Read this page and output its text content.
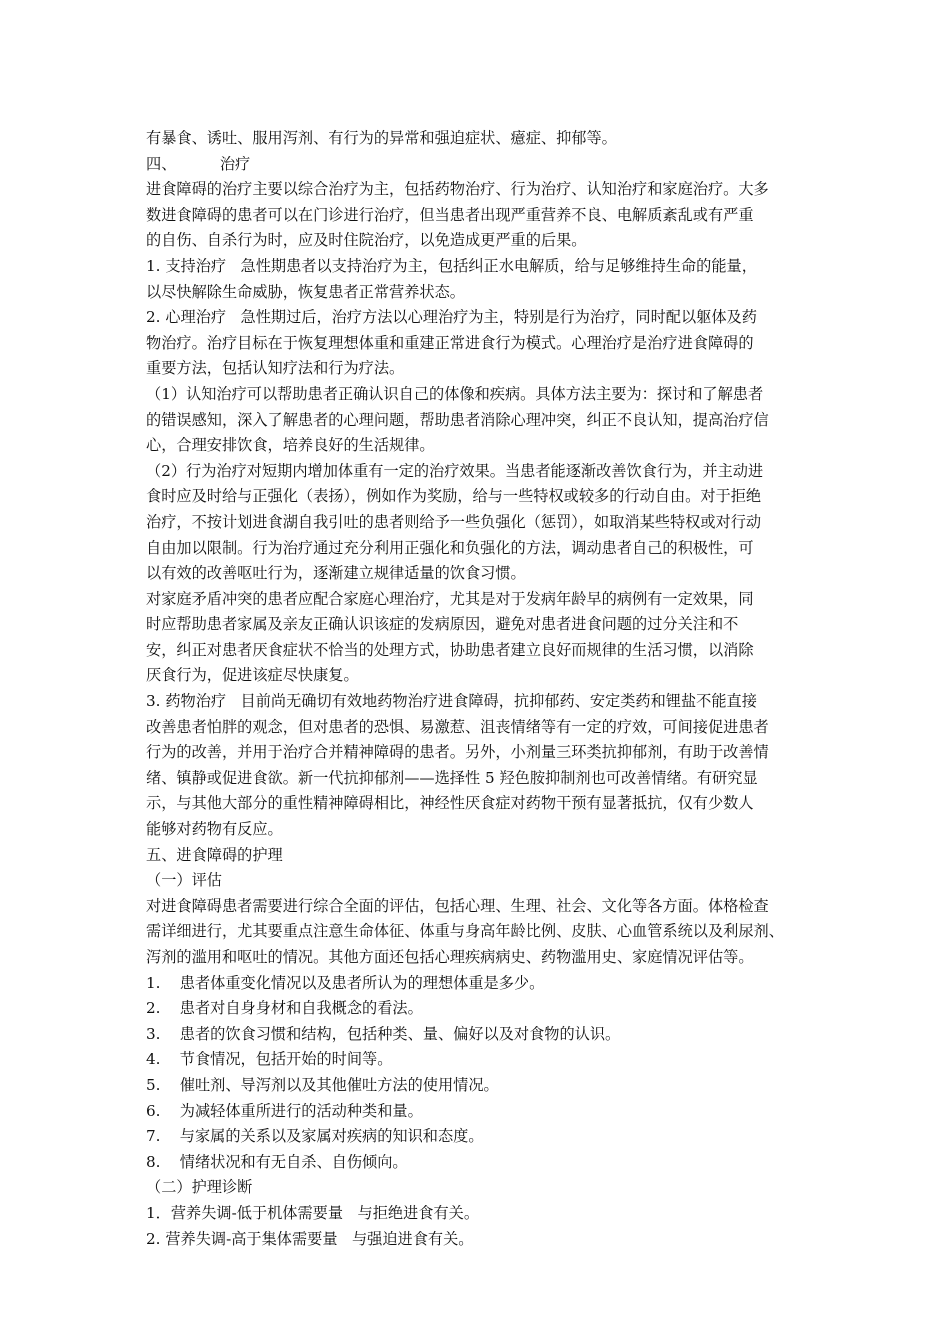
有暴食、诱吐、服用泻剂、有行为的异常和强迫症状、癔症、抑郁等。
四、         治疗
进食障碍的治疗主要以综合治疗为主，包括药物治疗、行为治疗、认知治疗和家庭治疗。大多
数进食障碍的患者可以在门诊进行治疗，但当患者出现严重营养不良、电解质紊乱或有严重
的自伤、自杀行为时，应及时住院治疗，以免造成更严重的后果。
1. 支持治疗   急性期患者以支持治疗为主，包括纠正水电解质，给与足够维持生命的能量，
以尽快解除生命威胁，恢复患者正常营养状态。
2. 心理治疗   急性期过后，治疗方法以心理治疗为主，特别是行为治疗，同时配以躯体及药
物治疗。治疗目标在于恢复理想体重和重建正常进食行为模式。心理治疗是治疗进食障碍的
重要方法，包括认知疗法和行为疗法。
（1）认知治疗可以帮助患者正确认识自己的体像和疾病。具体方法主要为：探讨和了解患者
的错误感知，深入了解患者的心理问题，帮助患者消除心理冲突，纠正不良认知，提高治疗信
心，合理安排饮食，培养良好的生活规律。
（2）行为治疗对短期内增加体重有一定的治疗效果。当患者能逐渐改善饮食行为，并主动进
食时应及时给与正强化（表扬），例如作为奖励，给与一些特权或较多的行动自由。对于拒绝
治疗，不按计划进食湖自我引吐的患者则给予一些负强化（惩罚），如取消某些特权或对行动
自由加以限制。行为治疗通过充分利用正强化和负强化的方法，调动患者自己的积极性，可
以有效的改善呕吐行为，逐渐建立规律适量的饮食习惯。
对家庭矛盾冲突的患者应配合家庭心理治疗，尤其是对于发病年龄早的病例有一定效果，同
时应帮助患者家属及亲友正确认识该症的发病原因，避免对患者进食问题的过分关注和不
安，纠正对患者厌食症状不恰当的处理方式，协助患者建立良好而规律的生活习惯，以消除
厌食行为，促进该症尽快康复。
3. 药物治疗   目前尚无确切有效地药物治疗进食障碍，抗抑郁药、安定类药和锂盐不能直接
改善患者怕胖的观念，但对患者的恐惧、易激惹、沮丧情绪等有一定的疗效，可间接促进患者
行为的改善，并用于治疗合并精神障碍的患者。另外，小剂量三环类抗抑郁剂，有助于改善情
绪、镇静或促进食欲。新一代抗抑郁剂——选择性 5 羟色胺抑制剂也可改善情绪。有研究显
示，与其他大部分的重性精神障碍相比，神经性厌食症对药物干预有显著抵抗，仅有少数人
能够对药物有反应。
五、进食障碍的护理
（一）评估
对进食障碍患者需要进行综合全面的评估，包括心理、生理、社会、文化等各方面。体格检查
需详细进行，尤其要重点注意生命体征、体重与身高年龄比例、皮肤、心血管系统以及利尿剂、
泻剂的滥用和呕吐的情况。其他方面还包括心理疾病病史、药物滥用史、家庭情况评估等。
1.    患者体重变化情况以及患者所认为的理想体重是多少。
2.    患者对自身身材和自我概念的看法。
3.    患者的饮食习惯和结构，包括种类、量、偏好以及对食物的认识。
4.    节食情况，包括开始的时间等。
5.    催吐剂、导泻剂以及其他催吐方法的使用情况。
6.    为减轻体重所进行的活动种类和量。
7.    与家属的关系以及家属对疾病的知识和态度。
8.    情绪状况和有无自杀、自伤倾向。
（二）护理诊断
1．营养失调-低于机体需要量   与拒绝进食有关。
2. 营养失调-高于集体需要量   与强迫进食有关。
